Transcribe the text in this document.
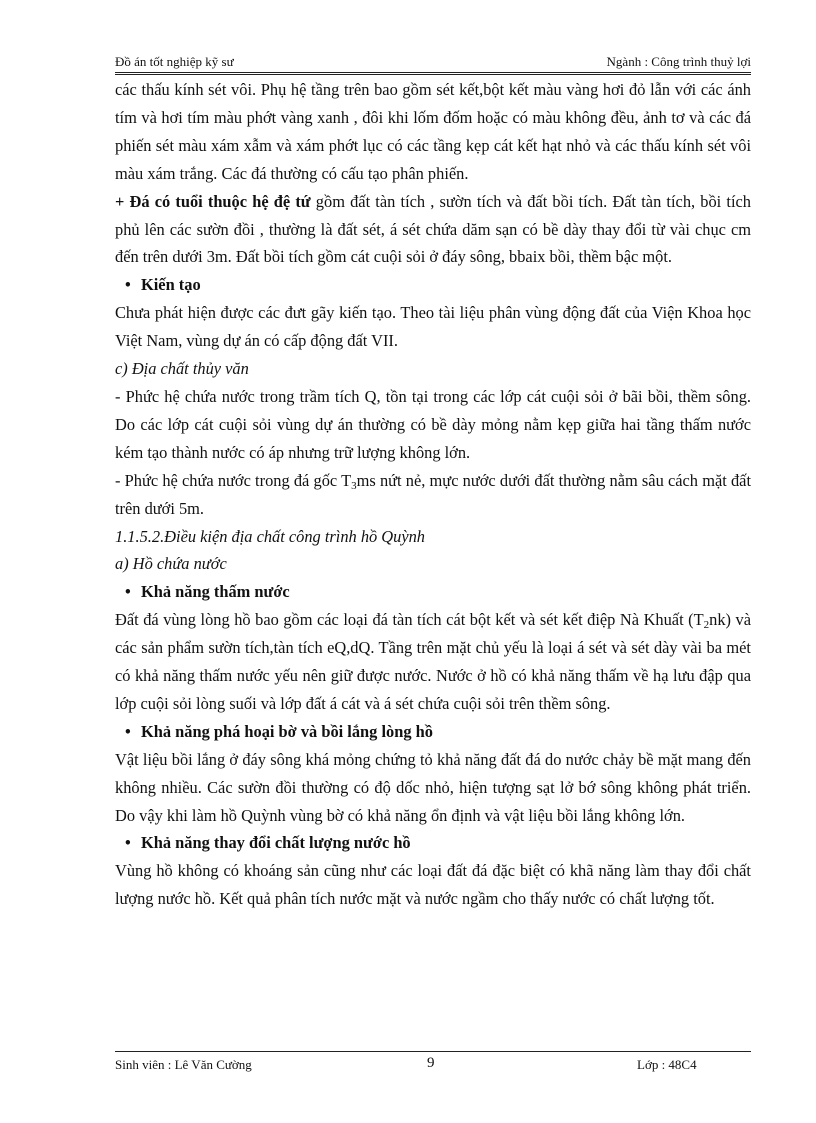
Đồ án tốt nghiệp kỹ sư	Ngành : Công trình thuỷ lợi

các thấu kính sét vôi. Phụ hệ tầng trên bao gồm sét kết,bột kết màu vàng hơi đỏ lẫn với các ánh tím và hơi tím màu phớt vàng xanh , đôi khi lốm đốm hoặc có màu không đều, ảnh tơ và các đá phiến sét màu xám xẫm và xám phớt lục có các tầng kẹp cát kết hạt nhỏ và các thấu kính sét vôi màu xám trắng. Các đá thường có cấu tạo phân phiến.

+ Đá có tuổi thuộc hệ đệ tứ gồm đất tàn tích , sườn tích và đất bồi tích. Đất tàn tích, bồi tích phủ lên các sườn đồi , thường là đất sét, á sét chứa dăm sạn có bề dày thay đổi từ vài chục cm đến trên dưới 3m. Đất bồi tích gồm cát cuội sỏi ở đáy sông, bbaix bồi, thềm bậc một.

• Kiến tạo

Chưa phát hiện được các đưt gãy kiến tạo. Theo tài liệu phân vùng động đất của Viện Khoa học Việt Nam, vùng dự án có cấp động đất VII.

c) Địa chất thủy văn

- Phức hệ chứa nước trong trầm tích Q, tồn tại trong các lớp cát cuội sỏi ở bãi bồi, thềm sông. Do các lớp cát cuội sỏi vùng dự án thường có bề dày mỏng nằm kẹp giữa hai tầng thấm nước kém tạo thành nước có áp nhưng trữ lượng không lớn.

- Phức hệ chứa nước trong đá gốc $T_3ms$ nứt nẻ, mực nước dưới đất thường nằm sâu cách mặt đất trên dưới 5m.

1.1.5.2.Điều kiện địa chất công trình hồ Quỳnh

a) Hồ chứa nước

• Khả năng thấm nước

Đất đá vùng lòng hồ bao gồm các loại đá tàn tích cát bột kết và sét kết điệp Nà Khuất $(T_2nk)$ và các sản phẩm sườn tích,tàn tích eQ,dQ. Tầng trên mặt chủ yếu là loại á sét và sét dày vài ba mét có khả năng thấm nước yếu nên giữ được nước. Nước ở hồ có khả năng thấm về hạ lưu đập qua lớp cuội sỏi lòng suối và lớp đất á cát và á sét chứa cuội sỏi trên thềm sông.

• Khả năng phá hoại bờ và bồi lắng lòng hồ

Vật liệu bồi lắng ở đáy sông khá mỏng chứng tỏ khả năng đất đá do nước chảy bề mặt mang đến không nhiều. Các sườn đồi thường có độ dốc nhỏ, hiện tượng sạt lở bớ sông không phát triển. Do vậy khi làm hồ Quỳnh vùng bờ có khả năng ổn định và vật liệu bồi lắng không lớn.

• Khả năng thay đổi chất lượng nước hồ

Vùng hồ không có khoáng sản cũng như các loại đất đá đặc biệt có khã năng làm thay đổi chất lượng nước hồ. Kết quả phân tích nước mặt và nước ngầm cho thấy nước có chất lượng tốt.

Sinh viên : Lê Văn Cường	9	Lớp : 48C4
